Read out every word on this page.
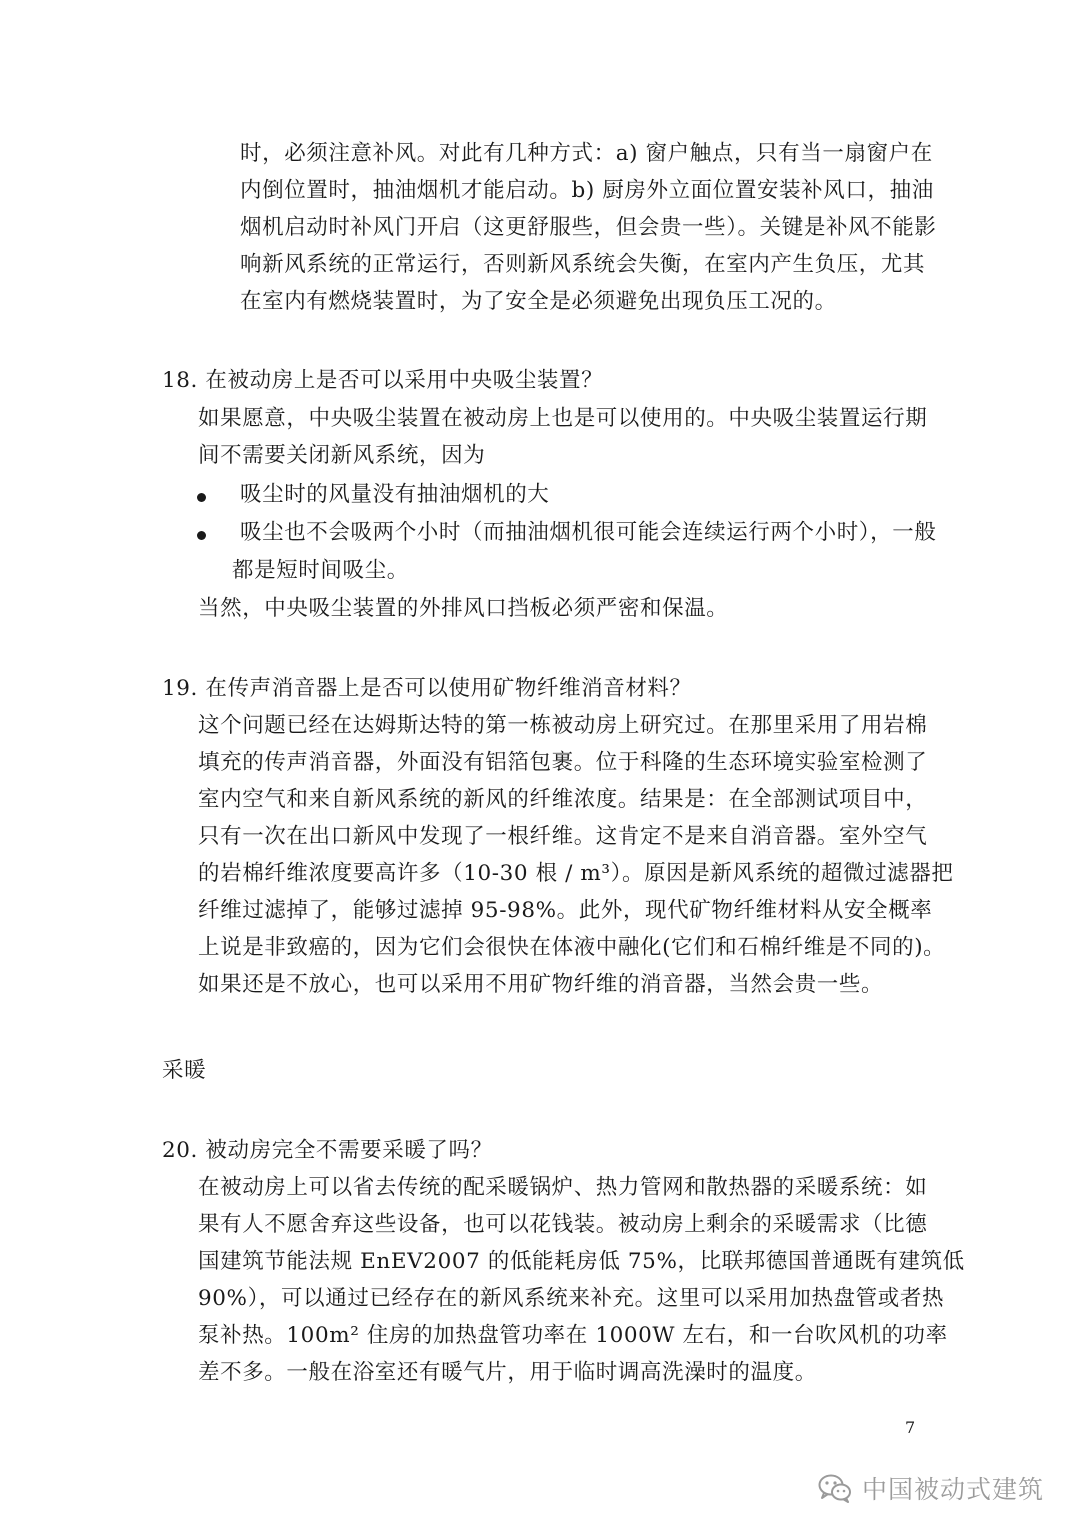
时，必须注意补风。对此有几种方式：a) 窗户触点，只有当一扇窗户在
内倒位置时，抽油烟机才能启动。b) 厨房外立面位置安装补风口，抽油
烟机启动时补风门开启（这更舒服些，但会贵一些）。关键是补风不能影
响新风系统的正常运行，否则新风系统会失衡，在室内产生负压，尤其
在室内有燃烧装置时，为了安全是必须避免出现负压工况的。
18. 在被动房上是否可以采用中央吸尘装置？
如果愿意，中央吸尘装置在被动房上也是可以使用的。中央吸尘装置运行期
间不需要关闭新风系统，因为
吸尘时的风量没有抽油烟机的大
吸尘也不会吸两个小时（而抽油烟机很可能会连续运行两个小时），一般
都是短时间吸尘。
当然，中央吸尘装置的外排风口挡板必须严密和保温。
19. 在传声消音器上是否可以使用矿物纤维消音材料？
这个问题已经在达姆斯达特的第一栋被动房上研究过。在那里采用了用岩棉
填充的传声消音器，外面没有铝箔包裹。位于科隆的生态环境实验室检测了
室内空气和来自新风系统的新风的纤维浓度。结果是：在全部测试项目中，
只有一次在出口新风中发现了一根纤维。这肯定不是来自消音器。室外空气
的岩棉纤维浓度要高许多（10-30 根 / m³）。原因是新风系统的超微过滤器把
纤维过滤掉了，能够过滤掉 95-98%。此外，现代矿物纤维材料从安全概率
上说是非致癌的，因为它们会很快在体液中融化(它们和石棉纤维是不同的)。
如果还是不放心，也可以采用不用矿物纤维的消音器，当然会贵一些。
采暖
20. 被动房完全不需要采暖了吗？
在被动房上可以省去传统的配采暖锅炉、热力管网和散热器的采暖系统：如
果有人不愿舍弃这些设备，也可以花钱装。被动房上剩余的采暖需求（比德
国建筑节能法规 EnEV2007 的低能耗房低 75%，比联邦德国普通既有建筑低
90%），可以通过已经存在的新风系统来补充。这里可以采用加热盘管或者热
泵补热。100m² 住房的加热盘管功率在 1000W 左右，和一台吹风机的功率
差不多。一般在浴室还有暖气片，用于临时调高洗澡时的温度。
7
中国被动式建筑
